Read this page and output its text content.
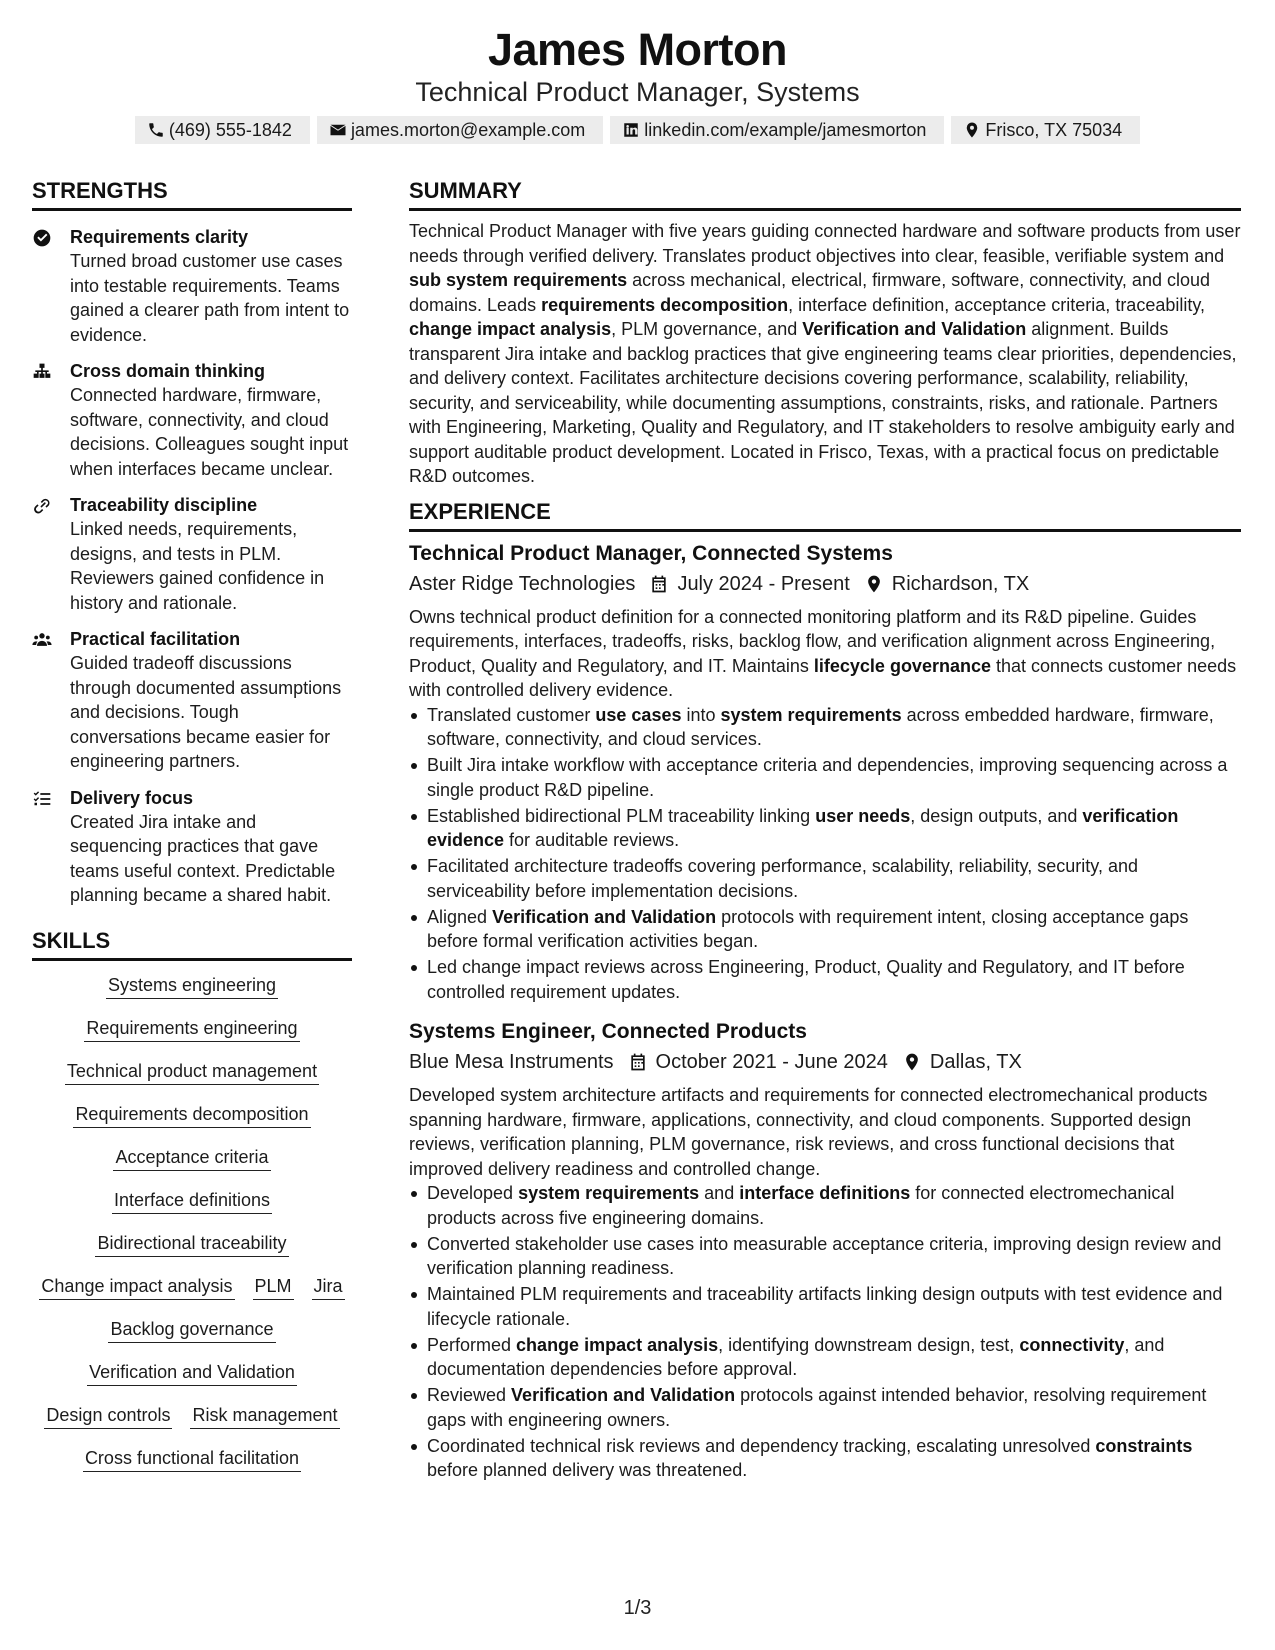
James Morton
Technical Product Manager, Systems
(469) 555-1842	james.morton@example.com	linkedin.com/example/jamesmorton	Frisco, TX 75034
STRENGTHS
Requirements clarity
Turned broad customer use cases into testable requirements. Teams gained a clearer path from intent to evidence.
Cross domain thinking
Connected hardware, firmware, software, connectivity, and cloud decisions. Colleagues sought input when interfaces became unclear.
Traceability discipline
Linked needs, requirements, designs, and tests in PLM. Reviewers gained confidence in history and rationale.
Practical facilitation
Guided tradeoff discussions through documented assumptions and decisions. Tough conversations became easier for engineering partners.
Delivery focus
Created Jira intake and sequencing practices that gave teams useful context. Predictable planning became a shared habit.
SKILLS
Systems engineering
Requirements engineering
Technical product management
Requirements decomposition
Acceptance criteria
Interface definitions
Bidirectional traceability
Change impact analysis PLM Jira
Backlog governance
Verification and Validation
Design controls Risk management
Cross functional facilitation
SUMMARY
Technical Product Manager with five years guiding connected hardware and software products from user needs through verified delivery. Translates product objectives into clear, feasible, verifiable system and sub system requirements across mechanical, electrical, firmware, software, connectivity, and cloud domains. Leads requirements decomposition, interface definition, acceptance criteria, traceability, change impact analysis, PLM governance, and Verification and Validation alignment. Builds transparent Jira intake and backlog practices that give engineering teams clear priorities, dependencies, and delivery context. Facilitates architecture decisions covering performance, scalability, reliability, security, and serviceability, while documenting assumptions, constraints, risks, and rationale. Partners with Engineering, Marketing, Quality and Regulatory, and IT stakeholders to resolve ambiguity early and support auditable product development. Located in Frisco, Texas, with a practical focus on predictable R&D outcomes.
EXPERIENCE
Technical Product Manager, Connected Systems
Aster Ridge Technologies July 2024 - Present Richardson, TX
Owns technical product definition for a connected monitoring platform and its R&D pipeline. Guides requirements, interfaces, tradeoffs, risks, backlog flow, and verification alignment across Engineering, Product, Quality and Regulatory, and IT. Maintains lifecycle governance that connects customer needs with controlled delivery evidence.
Translated customer use cases into system requirements across embedded hardware, firmware, software, connectivity, and cloud services.
Built Jira intake workflow with acceptance criteria and dependencies, improving sequencing across a single product R&D pipeline.
Established bidirectional PLM traceability linking user needs, design outputs, and verification evidence for auditable reviews.
Facilitated architecture tradeoffs covering performance, scalability, reliability, security, and serviceability before implementation decisions.
Aligned Verification and Validation protocols with requirement intent, closing acceptance gaps before formal verification activities began.
Led change impact reviews across Engineering, Product, Quality and Regulatory, and IT before controlled requirement updates.
Systems Engineer, Connected Products
Blue Mesa Instruments October 2021 - June 2024 Dallas, TX
Developed system architecture artifacts and requirements for connected electromechanical products spanning hardware, firmware, applications, connectivity, and cloud components. Supported design reviews, verification planning, PLM governance, risk reviews, and cross functional decisions that improved delivery readiness and controlled change.
Developed system requirements and interface definitions for connected electromechanical products across five engineering domains.
Converted stakeholder use cases into measurable acceptance criteria, improving design review and verification planning readiness.
Maintained PLM requirements and traceability artifacts linking design outputs with test evidence and lifecycle rationale.
Performed change impact analysis, identifying downstream design, test, connectivity, and documentation dependencies before approval.
Reviewed Verification and Validation protocols against intended behavior, resolving requirement gaps with engineering owners.
Coordinated technical risk reviews and dependency tracking, escalating unresolved constraints before planned delivery was threatened.
1/3
